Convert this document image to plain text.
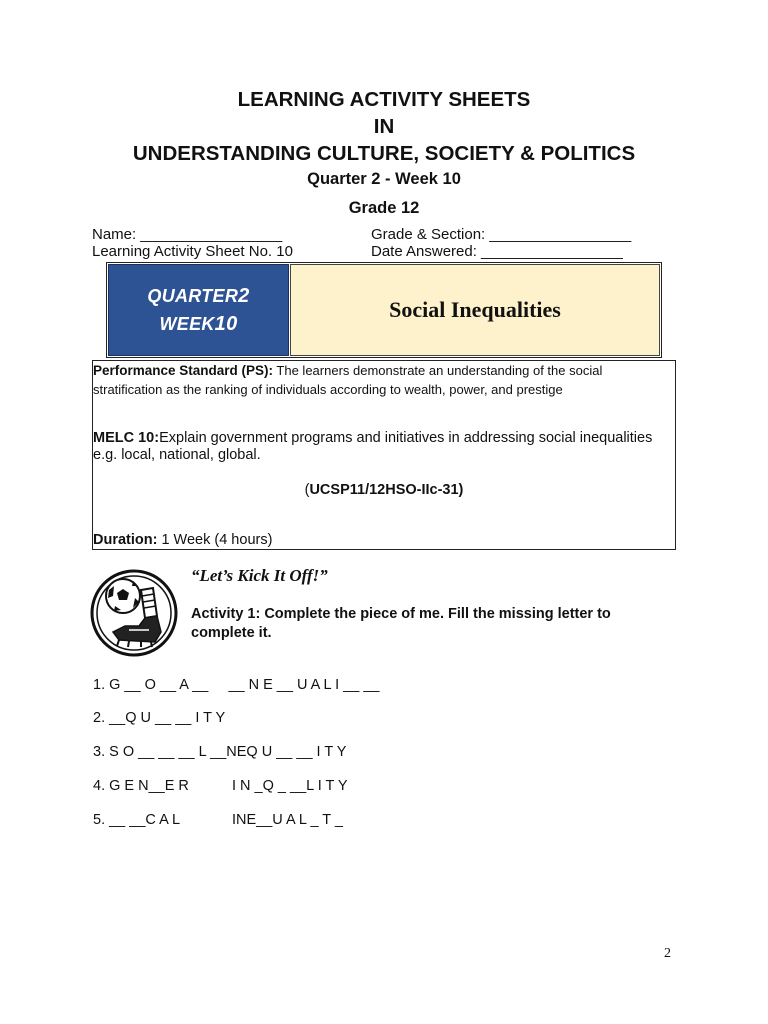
LEARNING ACTIVITY SHEETS
IN
UNDERSTANDING CULTURE, SOCIETY & POLITICS
Quarter 2 - Week 10
Grade 12
Name: _________________	Grade & Section: _________________
Learning Activity Sheet No. 10	Date Answered: _________________
QUARTER2
WEEK10
Social Inequalities
Performance Standard (PS): The learners demonstrate an understanding of the social stratification as the ranking of individuals according to wealth, power, and prestige
MELC 10:Explain government programs and initiatives in addressing social inequalities e.g. local, national, global.
(UCSP11/12HSO-IIc-31)
Duration: 1 Week (4 hours)
“Let’s Kick It Off!”
Activity 1: Complete the piece of me. Fill the missing letter to complete it.
1. G __ O __ A __ __ N E __ U A L I __ __
2. __Q U __ __ I T Y
3. S O __ __ __ L __NEQ U __ __ I T Y
4. G E N__E R	I N _Q _ __L I T Y
5. __ __C A L	INE__U A L _ T _
2
